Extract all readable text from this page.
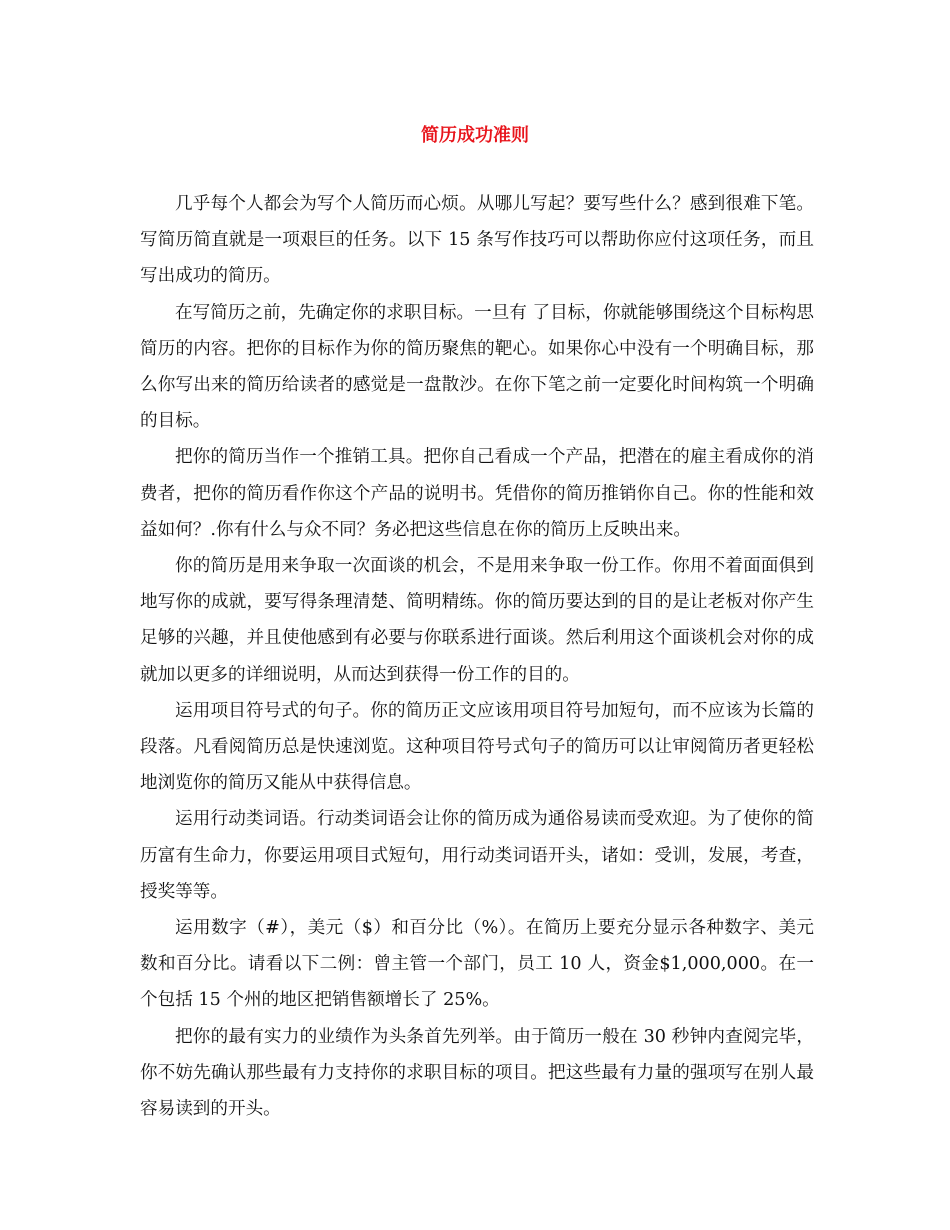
简历成功准则

几乎每个人都会为写个人简历而心烦。从哪儿写起？要写些什么？感到很难下笔。写简历简直就是一项艰巨的任务。以下 15 条写作技巧可以帮助你应付这项任务，而且写出成功的简历。

在写简历之前，先确定你的求职目标。一旦有 了目标，你就能够围绕这个目标构思简历的内容。把你的目标作为你的简历聚焦的靶心。如果你心中没有一个明确目标，那么你写出来的简历给读者的感觉是一盘散沙。在你下笔之前一定要化时间构筑一个明确的目标。

把你的简历当作一个推销工具。把你自己看成一个产品，把潜在的雇主看成你的消费者，把你的简历看作你这个产品的说明书。凭借你的简历推销你自己。你的性能和效益如何？.你有什么与众不同？务必把这些信息在你的简历上反映出来。

你的简历是用来争取一次面谈的机会，不是用来争取一份工作。你用不着面面俱到地写你的成就，要写得条理清楚、简明精练。你的简历要达到的目的是让老板对你产生足够的兴趣，并且使他感到有必要与你联系进行面谈。然后利用这个面谈机会对你的成就加以更多的详细说明，从而达到获得一份工作的目的。

运用项目符号式的句子。你的简历正文应该用项目符号加短句，而不应该为长篇的段落。凡看阅简历总是快速浏览。这种项目符号式句子的简历可以让审阅简历者更轻松地浏览你的简历又能从中获得信息。

运用行动类词语。行动类词语会让你的简历成为通俗易读而受欢迎。为了使你的简历富有生命力，你要运用项目式短句，用行动类词语开头，诸如：受训，发展，考查，授奖等等。

运用数字（#），美元（$）和百分比（%）。在简历上要充分显示各种数字、美元数和百分比。请看以下二例：曾主管一个部门，员工 10 人，资金$1,000,000。在一个包括 15 个州的地区把销售额增长了 25%。

把你的最有实力的业绩作为头条首先列举。由于简历一般在 30 秒钟内查阅完毕，你不妨先确认那些最有力支持你的求职目标的项目。把这些最有力量的强项写在别人最容易读到的开头。
